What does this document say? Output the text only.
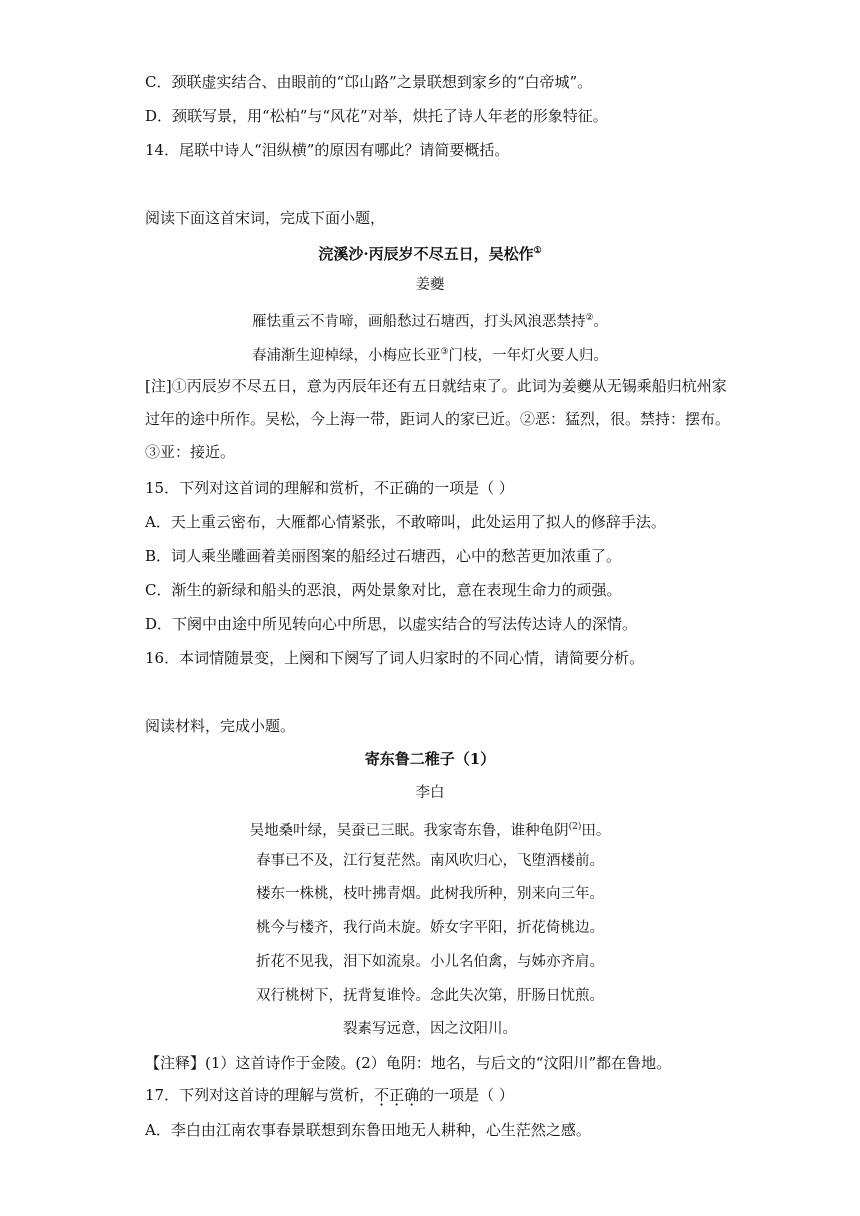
C．颈联虚实结合、由眼前的“邙山路”之景联想到家乡的“白帝城”。
D．颈联写景，用“松柏”与“风花”对举，烘托了诗人年老的形象特征。
14．尾联中诗人“泪纵横”的原因有哪此？请简要概括。
阅读下面这首宋词，完成下面小题，
浣溪沙·丙辰岁不尽五日，吴松作①
姜夔
雁怯重云不肯啼，画船愁过石塘西，打头风浪恶禁持②。
春浦渐生迎棹绿，小梅应长亚③门枝，一年灯火要人归。
[注]①丙辰岁不尽五日，意为丙辰年还有五日就结束了。此词为姜夔从无锡乘船归杭州家过年的途中所作。吴松，今上海一带，距词人的家已近。②恶：猛烈，很。禁持：摆布。③亚：接近。
15．下列对这首词的理解和赏析，不正确的一项是（ ）
A．天上重云密布，大雁都心情紧张，不敢啼叫，此处运用了拟人的修辞手法。
B．词人乘坐雕画着美丽图案的船经过石塘西，心中的愁苦更加浓重了。
C．渐生的新绿和船头的恶浪，两处景象对比，意在表现生命力的顽强。
D．下阕中由途中所见转向心中所思，以虚实结合的写法传达诗人的深情。
16．本词情随景变，上阕和下阕写了词人归家时的不同心情，请简要分析。
阅读材料，完成小题。
寄东鲁二稚子（1）
李白
吴地桑叶绿，吴蚕已三眠。我家寄东鲁，谁种龟阴$^{(2)}$田。
春事已不及，江行复茫然。南风吹归心，飞堕酒楼前。
楼东一株桃，枝叶拂青烟。此树我所种，别来向三年。
桃今与楼齐，我行尚未旋。娇女字平阳，折花倚桃边。
折花不见我，泪下如流泉。小儿名伯禽，与姊亦齐肩。
双行桃树下，抚背复谁怜。念此失次第，肝肠日忧煎。
裂素写远意，因之汶阳川。
【注释】(1）这首诗作于金陵。(2）龟阴：地名，与后文的“汶阳川”都在鲁地。
17．下列对这首诗的理解与赏析，不正确的一项是（ ）
A．李白由江南农事春景联想到东鲁田地无人耕种，心生茫然之感。
